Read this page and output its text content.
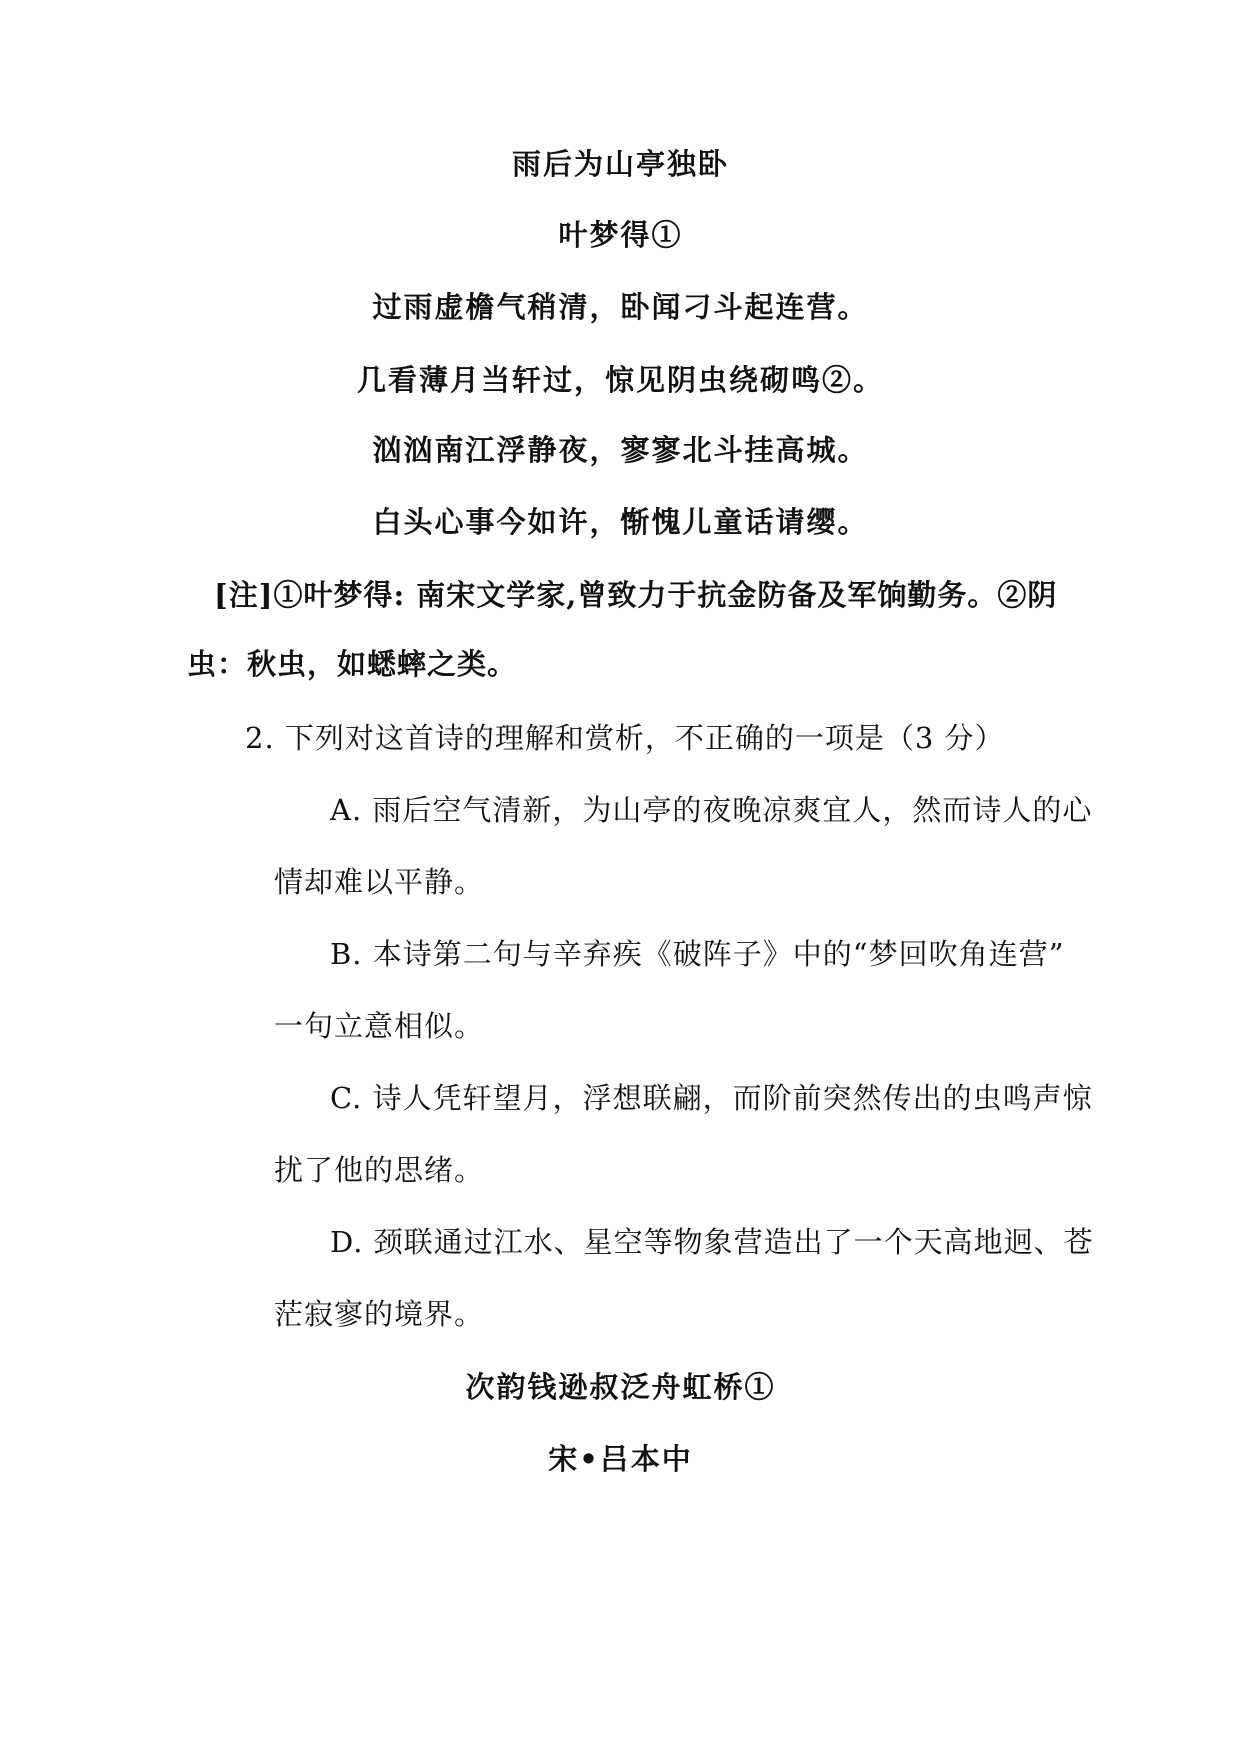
雨后为山亭独卧
叶梦得①
过雨虚檐气稍清，卧闻刁斗起连营。
几看薄月当轩过，惊见阴虫绕砌鸣②。
汹汹南江浮静夜，寥寥北斗挂高城。
白头心事今如许，惭愧儿童话请缨。
[注]①叶梦得: 南宋文学家,曾致力于抗金防备及军饷勤务。②阴
虫：秋虫，如蟋蟀之类。
2. 下列对这首诗的理解和赏析，不正确的一项是（3 分）
A. 雨后空气清新，为山亭的夜晚凉爽宜人，然而诗人的心
情却难以平静。
B. 本诗第二句与辛弃疾《破阵子》中的“梦回吹角连营”
一句立意相似。
C. 诗人凭轩望月，浮想联翩，而阶前突然传出的虫鸣声惊
扰了他的思绪。
D. 颈联通过江水、星空等物象营造出了一个天高地迥、苍
茫寂寥的境界。
次韵钱逊叔泛舟虹桥①
宋•吕本中
